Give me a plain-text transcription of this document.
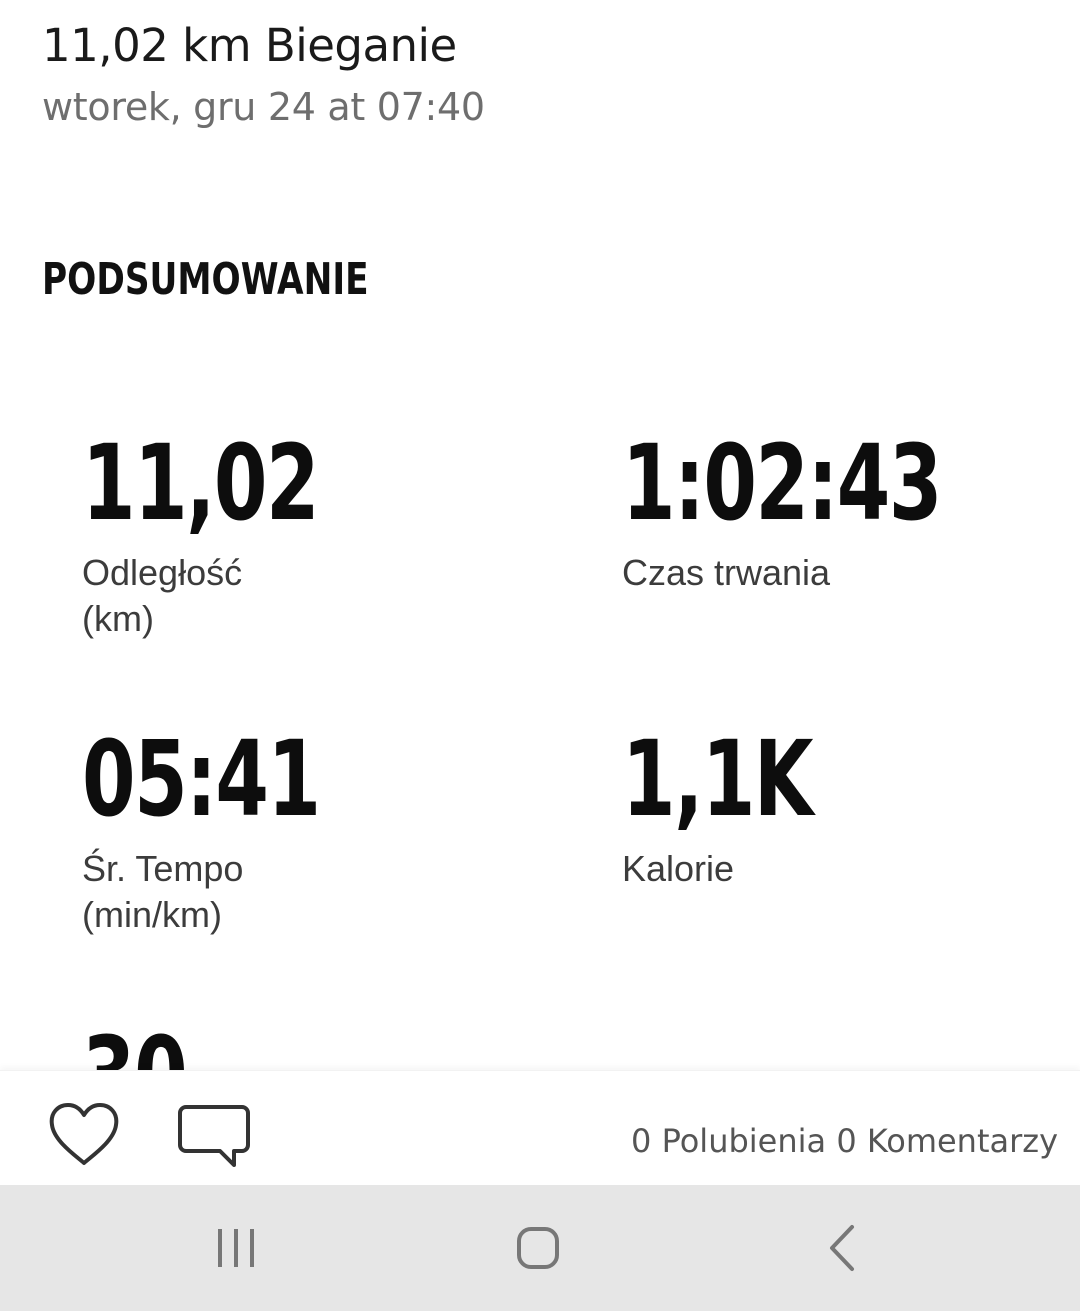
11,02 km Bieganie
wtorek, gru 24 at 07:40
PODSUMOWANIE
11,02
Odległość
(km)
1:02:43
Czas trwania
05:41
Śr. Tempo
(min/km)
1,1K
Kalorie
0 Polubienia 0 Komentarzy
